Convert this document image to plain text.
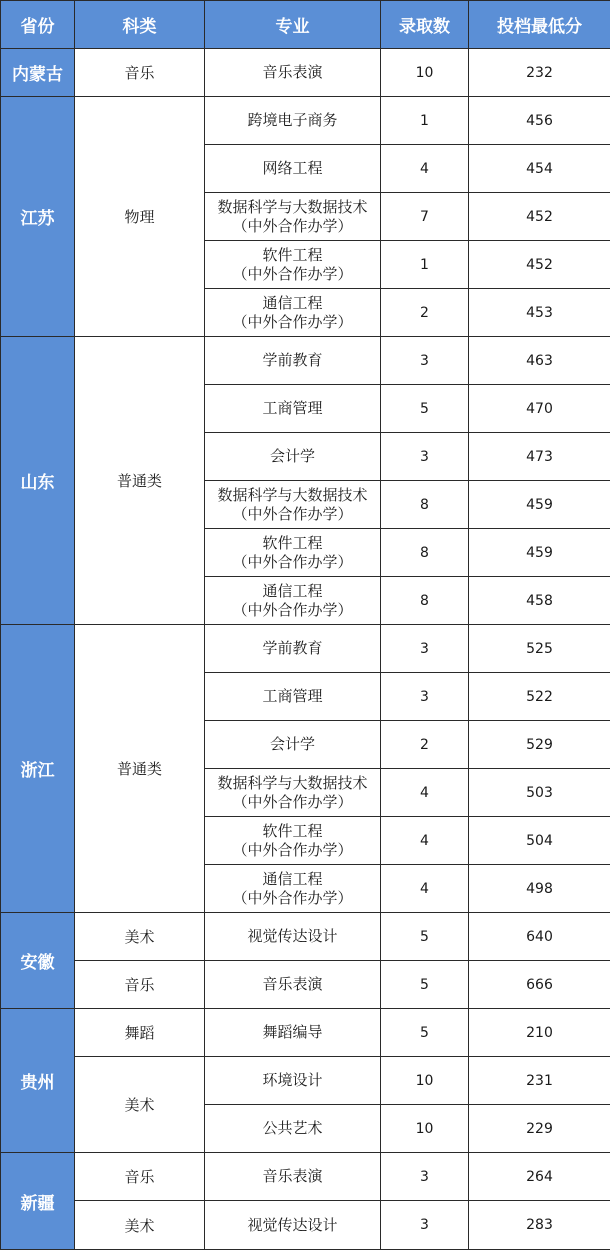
省份	科类	专业	录取数	投档最低分
内蒙古	音乐	音乐表演	10	232
江苏	物理	跨境电子商务	1	456
		网络工程	4	454

		数据科学与大数据技术
（中外合作办学）	7	452

		软件工程
（中外合作办学）	1	452

		通信工程
（中外合作办学）	2	453
山东	普通类	学前教育	3	463
		工商管理	5	470
		会计学	3	473

		数据科学与大数据技术
（中外合作办学）	8	459

		软件工程
（中外合作办学）	8	459

		通信工程
（中外合作办学）	8	458
浙江	普通类	学前教育	3	525
		工商管理	3	522
		会计学	2	529

		数据科学与大数据技术
（中外合作办学）	4	503

		软件工程
（中外合作办学）	4	504

		通信工程
（中外合作办学）	4	498
安徽	美术	视觉传达设计	5	640
	音乐	音乐表演	5	666
贵州	舞蹈	舞蹈编导	5	210
	美术	环境设计	10	231
		公共艺术	10	229
新疆	音乐	音乐表演	3	264
	美术	视觉传达设计	3	283
